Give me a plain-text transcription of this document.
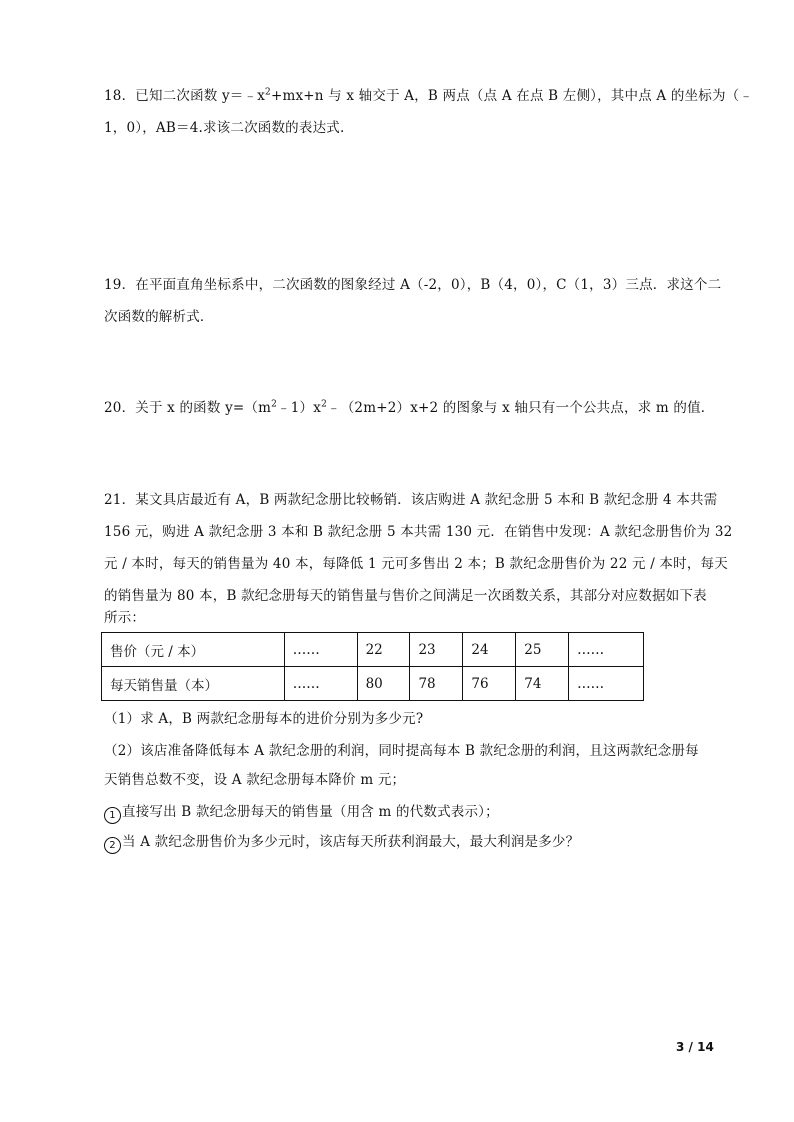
18．已知二次函数 $y=﹣x^2+mx+n$ 与 x 轴交于 A，B 两点（点 A 在点 B 左侧），其中点 A 的坐标为（﹣
1，0），AB＝4.求该二次函数的表达式.
19．在平面直角坐标系中，二次函数的图象经过 A（-2，0），B（4，0），C（1，3）三点．求这个二
次函数的解析式．
20．关于 x 的函数 $y=(m^2﹣1)x^2﹣(2m+2)x+2$ 的图象与 x 轴只有一个公共点，求 m 的值．
21．某文具店最近有 A，B 两款纪念册比较畅销．该店购进 A 款纪念册 5 本和 B 款纪念册 4 本共需
156 元，购进 A 款纪念册 3 本和 B 款纪念册 5 本共需 130 元．在销售中发现：A 款纪念册售价为 32
元 / 本时，每天的销售量为 40 本，每降低 1 元可多售出 2 本；B 款纪念册售价为 22 元 / 本时，每天
的销售量为 80 本，B 款纪念册每天的销售量与售价之间满足一次函数关系，其部分对应数据如下表
所示：
售价（元 / 本）	……	22	23	24	25	……
每天销售量（本）	……	80	78	76	74	……
（1）求 A，B 两款纪念册每本的进价分别为多少元?
（2）该店准备降低每本 A 款纪念册的利润，同时提高每本 B 款纪念册的利润，且这两款纪念册每
天销售总数不变，设 A 款纪念册每本降价 m 元；
1 直接写出 B 款纪念册每天的销售量（用含 m 的代数式表示）；
2 当 A 款纪念册售价为多少元时，该店每天所获利润最大，最大利润是多少？
3 / 14
